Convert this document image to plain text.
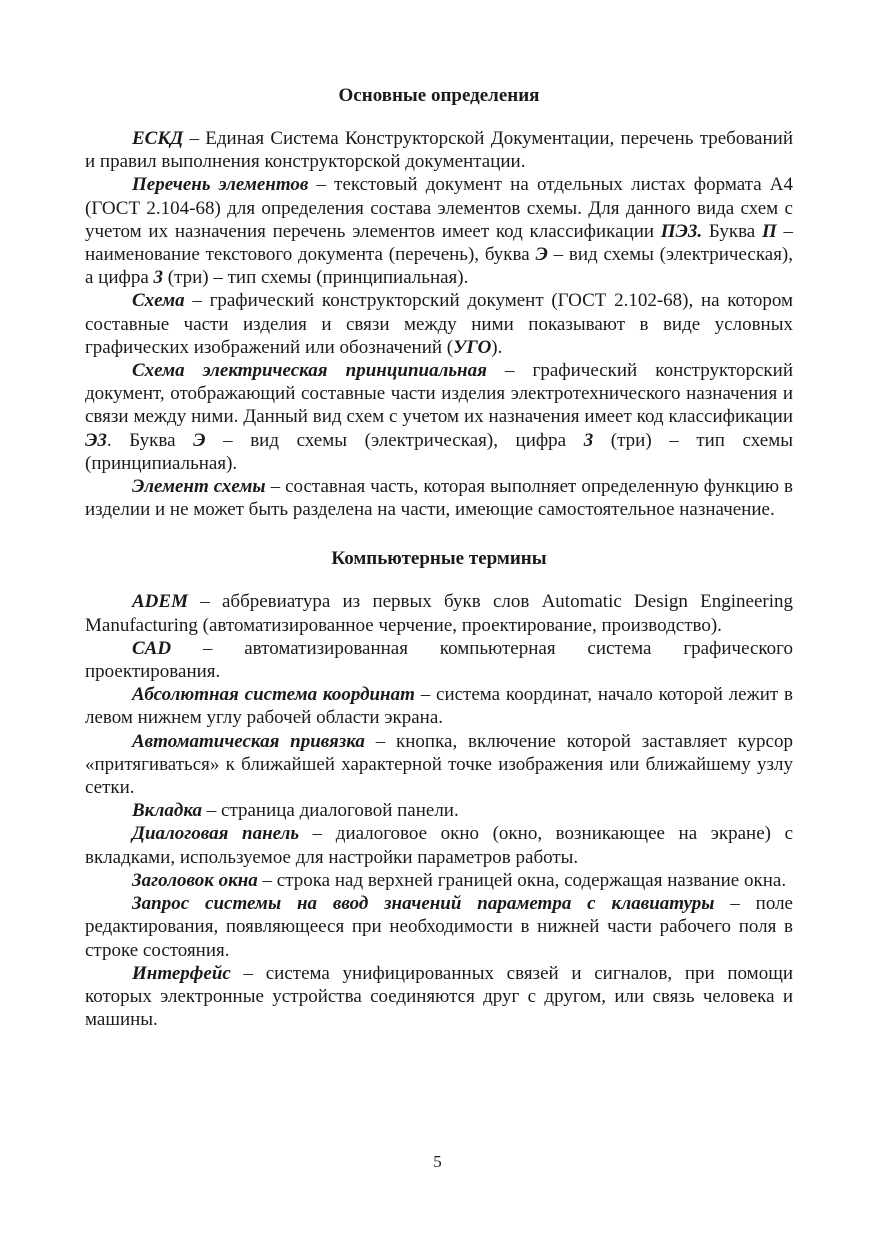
Основные определения

ЕСКД – Единая Система Конструкторской Документации, перечень требований и правил выполнения конструкторской документации.

Перечень элементов – текстовый документ на отдельных листах формата А4 (ГОСТ 2.104-68) для определения состава элементов схемы. Для данного вида схем с учетом их назначения перечень элементов имеет код классификации ПЭ3. Буква П – наименование текстового документа (перечень), буква Э – вид схемы (электрическая), а цифра 3 (три) – тип схемы (принципиальная).

Схема – графический конструкторский документ (ГОСТ 2.102-68), на котором составные части изделия и связи между ними показывают в виде условных графических изображений или обозначений (УГО).

Схема электрическая принципиальная – графический конструкторский документ, отображающий составные части изделия электротехнического назначения и связи между ними. Данный вид схем с учетом их назначения имеет код классификации Э3. Буква Э – вид схемы (электрическая), цифра 3 (три) – тип схемы (принципиальная).

Элемент схемы – составная часть, которая выполняет определенную функцию в изделии и не может быть разделена на части, имеющие самостоятельное назначение.

Компьютерные термины

ADEM – аббревиатура из первых букв слов Automatic Design Engineering Manufacturing (автоматизированное черчение, проектирование, производство).

CAD – автоматизированная компьютерная система графического проектирования.

Абсолютная система координат – система координат, начало которой лежит в левом нижнем углу рабочей области экрана.

Автоматическая привязка – кнопка, включение которой заставляет курсор «притягиваться» к ближайшей характерной точке изображения или ближайшему узлу сетки.

Вкладка – страница диалоговой панели.

Диалоговая панель – диалоговое окно (окно, возникающее на экране) с вкладками, используемое для настройки параметров работы.

Заголовок окна – строка над верхней границей окна, содержащая название окна.

Запрос системы на ввод значений параметра с клавиатуры – поле редактирования, появляющееся при необходимости в нижней части рабочего поля в строке состояния.

Интерфейс – система унифицированных связей и сигналов, при помощи которых электронные устройства соединяются друг с другом, или связь человека и машины.

5
